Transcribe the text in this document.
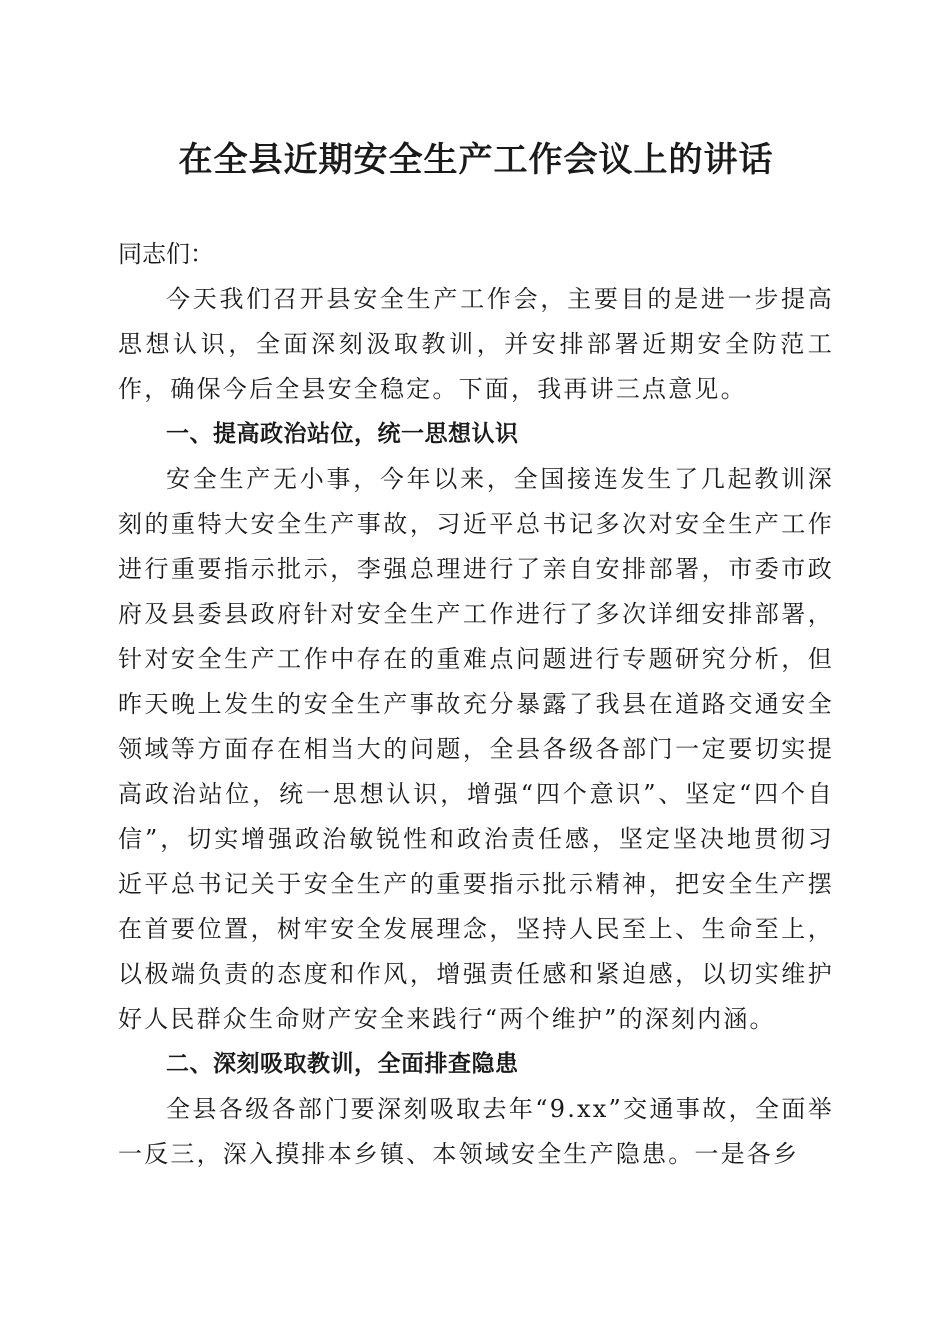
在全县近期安全生产工作会议上的讲话

同志们：

今天我们召开县安全生产工作会，主要目的是进一步提高思想认识，全面深刻汲取教训，并安排部署近期安全防范工作，确保今后全县安全稳定。下面，我再讲三点意见。

一、提高政治站位，统一思想认识

安全生产无小事，今年以来，全国接连发生了几起教训深刻的重特大安全生产事故，习近平总书记多次对安全生产工作进行重要指示批示，李强总理进行了亲自安排部署，市委市政府及县委县政府针对安全生产工作进行了多次详细安排部署，针对安全生产工作中存在的重难点问题进行专题研究分析，但昨天晚上发生的安全生产事故充分暴露了我县在道路交通安全领域等方面存在相当大的问题，全县各级各部门一定要切实提高政治站位，统一思想认识，增强“四个意识”、坚定“四个自信”，切实增强政治敏锐性和政治责任感，坚定坚决地贯彻习近平总书记关于安全生产的重要指示批示精神，把安全生产摆在首要位置，树牢安全发展理念，坚持人民至上、生命至上，以极端负责的态度和作风，增强责任感和紧迫感，以切实维护好人民群众生命财产安全来践行“两个维护”的深刻内涵。

二、深刻吸取教训，全面排查隐患

全县各级各部门要深刻吸取去年“9.xx”交通事故，全面举一反三，深入摸排本乡镇、本领域安全生产隐患。一是各乡
